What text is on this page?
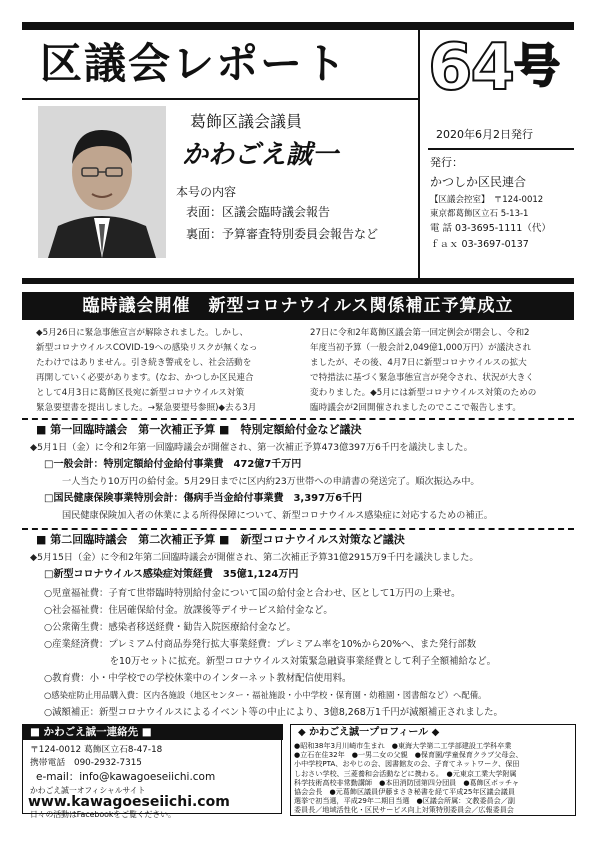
区議会レポート 64 号
葛飾区議会議員
かわごえ誠一
本号の内容
表面：区議会臨時議会報告
裏面：予算審査特別委員会報告など
2020年6月2日発行
発行：
かつしか区民連合
【区議会控室】　〒124-0012
東京都葛飾区立石 5-13-1
電 話 03-3695-1111（代）
ｆａｘ 03-3697-0137
臨時議会開催　新型コロナウイルス関係補正予算成立
◆5月26日に緊急事態宣言が解除されました。しかし、
新型コロナウイルスCOVID-19への感染リスクが無くなっ
たわけではありません。引き続き警戒をし、社会活動を
再開していく必要があります。(なお、かつしか区民連合
として4月3日に葛飾区長宛に新型コロナウイルス対策
緊急要望書を提出しました。→緊急要望号参照)◆去る3月
27日に令和2年葛飾区議会第一回定例会が閉会し、令和2
年度当初予算（一般会計2,049億1,000万円）が議決され
ましたが、その後、4月7日に新型コロナウイルスの拡大
で特措法に基づく緊急事態宣言が発令され、状況が大きく
変わりました。◆5月には新型コロナウイルス対策のための
臨時議会が2回開催されましたのでここで報告します。
■ 第一回臨時議会　第一次補正予算 ■　特別定額給付金など議決
◆5月1日（金）に令和2年第一回臨時議会が開催され、第一次補正予算473億397万6千円を議決しました。
□一般会計：特別定額給付金給付事業費　472億7千万円
一人当たり10万円の給付金。5月29日までに区内約23万世帯への申請書の発送完了。順次振込み中。
□国民健康保険事業特別会計：傷病手当金給付事業費　3,397万6千円
国民健康保険加入者の休業による所得保障について、新型コロナウイルス感染症に対応するための補正。
■ 第二回臨時議会　第二次補正予算 ■　新型コロナウイルス対策など議決
◆5月15日（金）に令和2年第二回臨時議会が開催され、第二次補正予算31億2915万9千円を議決しました。
□新型コロナウイルス感染症対策経費　35億1,124万円
○児童福祉費：子育て世帯臨時特別給付金について国の給付金と合わせ、区として1万円の上乗せ。
○社会福祉費：住居確保給付金。放課後等デイサービス給付金など。
○公衆衛生費：感染者移送経費・勧告入院医療給付金など。
○産業経済費：プレミアム付商品券発行拡大事業経費：プレミアム率を10%から20%へ、また発行部数
　　　　　　　を10万セットに拡充。新型コロナウイルス対策緊急融資事業経費として利子全額補給など。
○教育費：小・中学校での学校休業中のインターネット教材配信使用料。
○感染症防止用品購入費：区内各施設（地区センター・福祉施設・小中学校・保育園・幼稚園・図書館など）へ配備。
○減額補正：新型コロナウイルスによるイベント等の中止により、3億8,268万1千円が減額補正されました。
■ かわごえ誠一連絡先 ■
〒124-0012 葛飾区立石8-47-18
携帯電話　090-2932-7315
e-mail：info@kawagoeseiichi.com
かわごえ誠一オフィシャルサイト
www.kawagoeseiichi.com
日々の活動はFacebookをご覧ください。
◆ かわごえ誠一プロフィール ◆
●昭和38年3月川崎市生まれ　●東海大学第二工学部建設工学科卒業
●立石在住32年　●一男二女の父親　●保育園/学童保育クラブ父母会、
小中学校PTA、おやじの会、図書館友の会、子育てネットワーク、保田
しおさい学校、三菱養和会活動などに携わる。　●元東京工業大学附属
科学技術高校非常勤講師　●本田消防団第四分団員　●葛飾区ボッチャ
協会会長　●元葛飾区議員伊藤まさき秘書を経て平成25年区議会議員
選挙で初当選，平成29年二期目当選　●区議会所属：文教委員会／副
委員長／地域活性化・区民サービス向上対策特別委員会／広報委員会
